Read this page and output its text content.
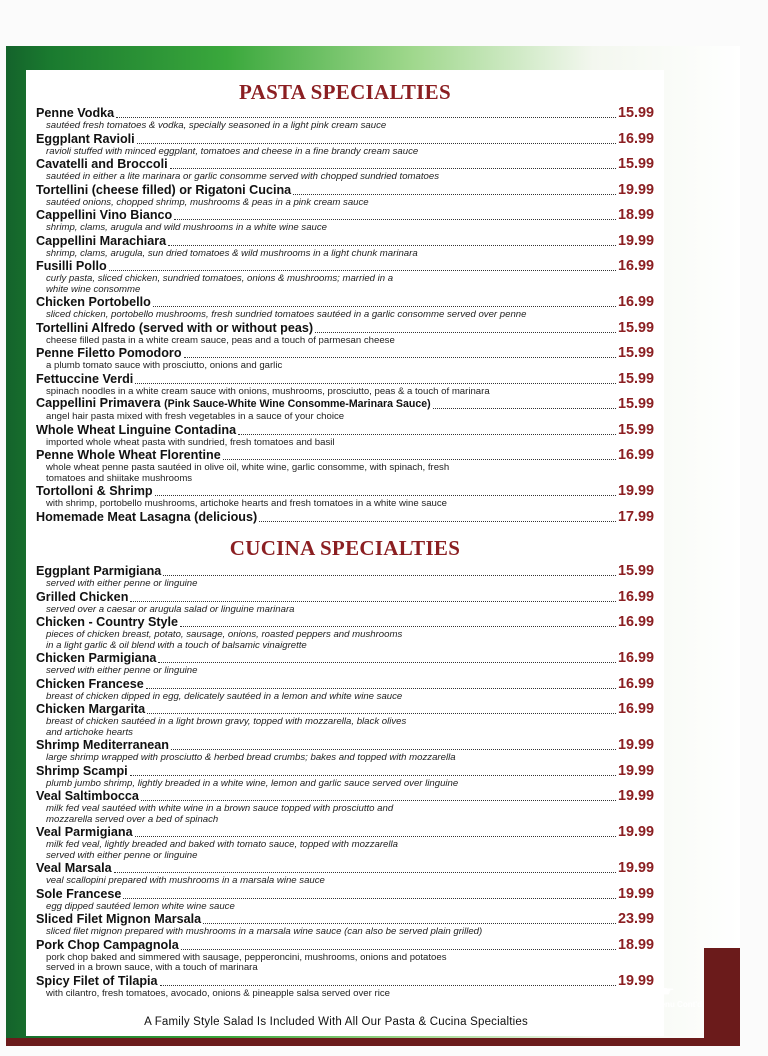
PASTA SPECIALTIES
Penne Vodka	15.99
sautéed fresh tomatoes & vodka, specially seasoned in a light pink cream sauce
Eggplant Ravioli	16.99
ravioli stuffed with minced eggplant, tomatoes and cheese in a fine brandy cream sauce
Cavatelli and Broccoli	15.99
sautéed in either a lite marinara or garlic consomme served with chopped sundried tomatoes
Tortellini (cheese filled) or Rigatoni Cucina	19.99
sautéed onions, chopped shrimp, mushrooms & peas in a pink cream sauce
Cappellini Vino Bianco	18.99
shrimp, clams, arugula and wild mushrooms in a white wine sauce
Cappellini Marachiara	19.99
shrimp, clams, arugula, sun dried tomatoes & wild mushrooms in a light chunk marinara
Fusilli Pollo	16.99
curly pasta, sliced chicken, sundried tomatoes, onions & mushrooms; married in a
white wine consomme
Chicken Portobello	16.99
sliced chicken, portobello mushrooms, fresh sundried tomatoes sautéed in a garlic consomme served over penne
Tortellini Alfredo (served with or without peas)	15.99
cheese filled pasta in a white cream sauce, peas and a touch of parmesan cheese
Penne Filetto Pomodoro	15.99
a plumb tomato sauce with prosciutto, onions and garlic
Fettuccine Verdi	15.99
spinach noodles in a white cream sauce with onions, mushrooms, prosciutto, peas & a touch of marinara
Cappellini Primavera (Pink Sauce-White Wine Consomme-Marinara Sauce)	15.99
angel hair pasta mixed with fresh vegetables in a sauce of your choice
Whole Wheat Linguine Contadina	15.99
imported whole wheat pasta with sundried, fresh tomatoes and basil
Penne Whole Wheat Florentine	16.99
whole wheat penne pasta sautéed in olive oil, white wine, garlic consomme, with spinach, fresh
tomatoes and shiitake mushrooms
Tortolloni & Shrimp	19.99
with shrimp, portobello mushrooms, artichoke hearts and fresh tomatoes in a white wine sauce
Homemade Meat Lasagna (delicious)	17.99
CUCINA SPECIALTIES
Eggplant Parmigiana	15.99
served with either penne or linguine
Grilled Chicken	16.99
served over a caesar or arugula salad or linguine marinara
Chicken - Country Style	16.99
pieces of chicken breast, potato, sausage, onions, roasted peppers and mushrooms
in a light garlic & oil blend with a touch of balsamic vinaigrette
Chicken Parmigiana	16.99
served with either penne or linguine
Chicken Francese	16.99
breast of chicken dipped in egg, delicately sautéed in a lemon and white wine sauce
Chicken Margarita	16.99
breast of chicken sautéed in a light brown gravy, topped with mozzarella, black olives
and artichoke hearts
Shrimp Mediterranean	19.99
large shrimp wrapped with prosciutto & herbed bread crumbs; bakes and topped with mozzarella
Shrimp Scampi	19.99
plumb jumbo shrimp, lightly breaded in a white wine, lemon and garlic sauce served over linguine
Veal Saltimbocca	19.99
milk fed veal sautéed with white wine in a brown sauce topped with prosciutto and
mozzarella served over a bed of spinach
Veal Parmigiana	19.99
milk fed veal, lightly breaded and baked with tomato sauce, topped with mozzarella
served with either penne or linguine
Veal Marsala	19.99
veal scallopini prepared with mushrooms in a marsala wine sauce
Sole Francese	19.99
egg dipped sautéed lemon white wine sauce
Sliced Filet Mignon Marsala	23.99
sliced filet mignon prepared with mushrooms in a marsala wine sauce (can also be served plain grilled)
Pork Chop Campagnola	18.99
pork chop baked and simmered with sausage, pepperoncini, mushrooms, onions and potatoes
served in a brown sauce, with a touch of marinara
Spicy Filet of Tilapia	19.99
with cilantro, fresh tomatoes, avocado, onions & pineapple salsa served over rice
A Family Style Salad Is Included With All Our Pasta & Cucina Specialties
menupix
☛
Menu Cont'd
